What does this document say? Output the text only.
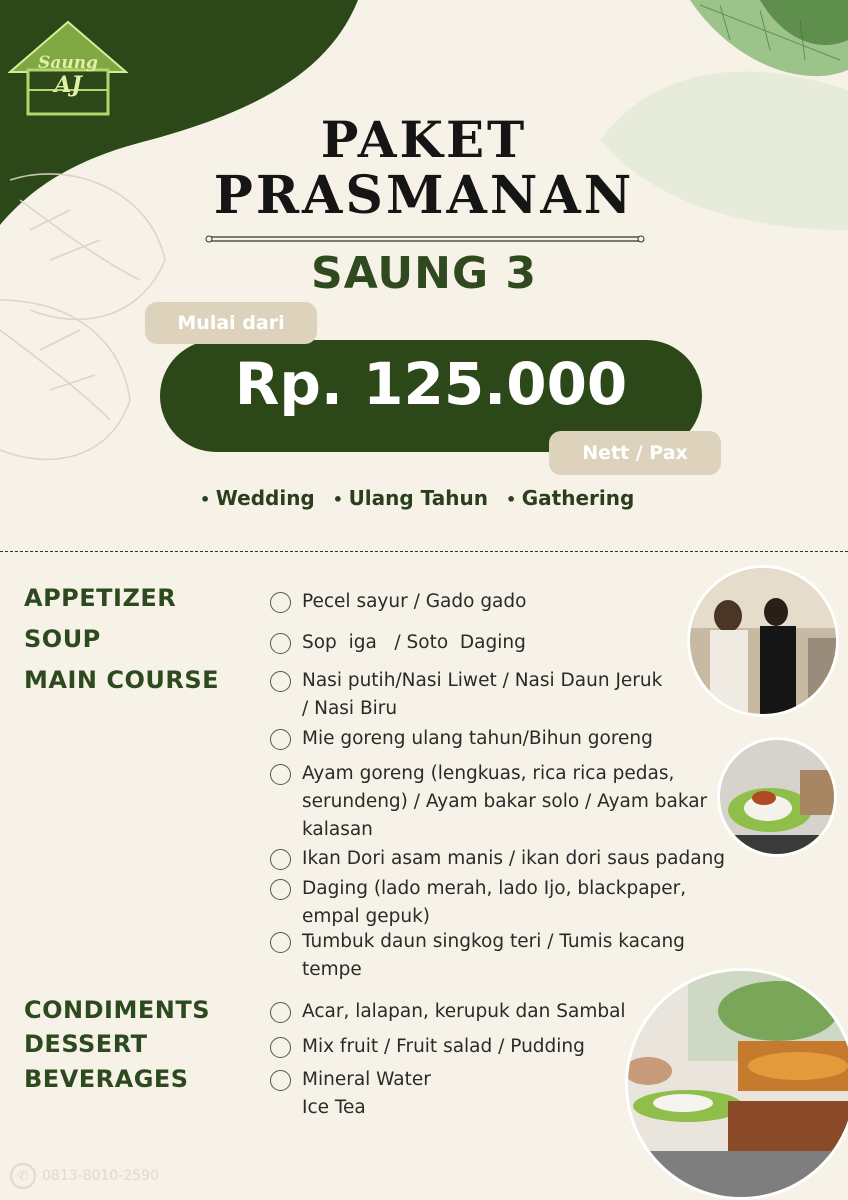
Saung
AJ
PAKET
PRASMANAN
SAUNG 3
Mulai dari
Rp. 125.000
Nett / Pax
• Wedding	• Ulang Tahun	• Gathering
APPETIZER
SOUP
MAIN COURSE
CONDIMENTS
DESSERT
BEVERAGES
Pecel sayur / Gado gado
Sop  iga   / Soto  Daging
Nasi putih/Nasi Liwet / Nasi Daun Jeruk
/ Nasi Biru
Mie goreng ulang tahun/Bihun goreng
Ayam goreng (lengkuas, rica rica pedas,
serundeng) / Ayam bakar solo / Ayam bakar
kalasan
Ikan Dori asam manis / ikan dori saus padang
Daging (lado merah, lado Ijo, blackpaper,
empal gepuk)
Tumbuk daun singkog teri / Tumis kacang
tempe
Acar, lalapan, kerupuk dan Sambal
Mix fruit / Fruit salad / Pudding
Mineral Water
Ice Tea
✆ 0813-8010-2590
